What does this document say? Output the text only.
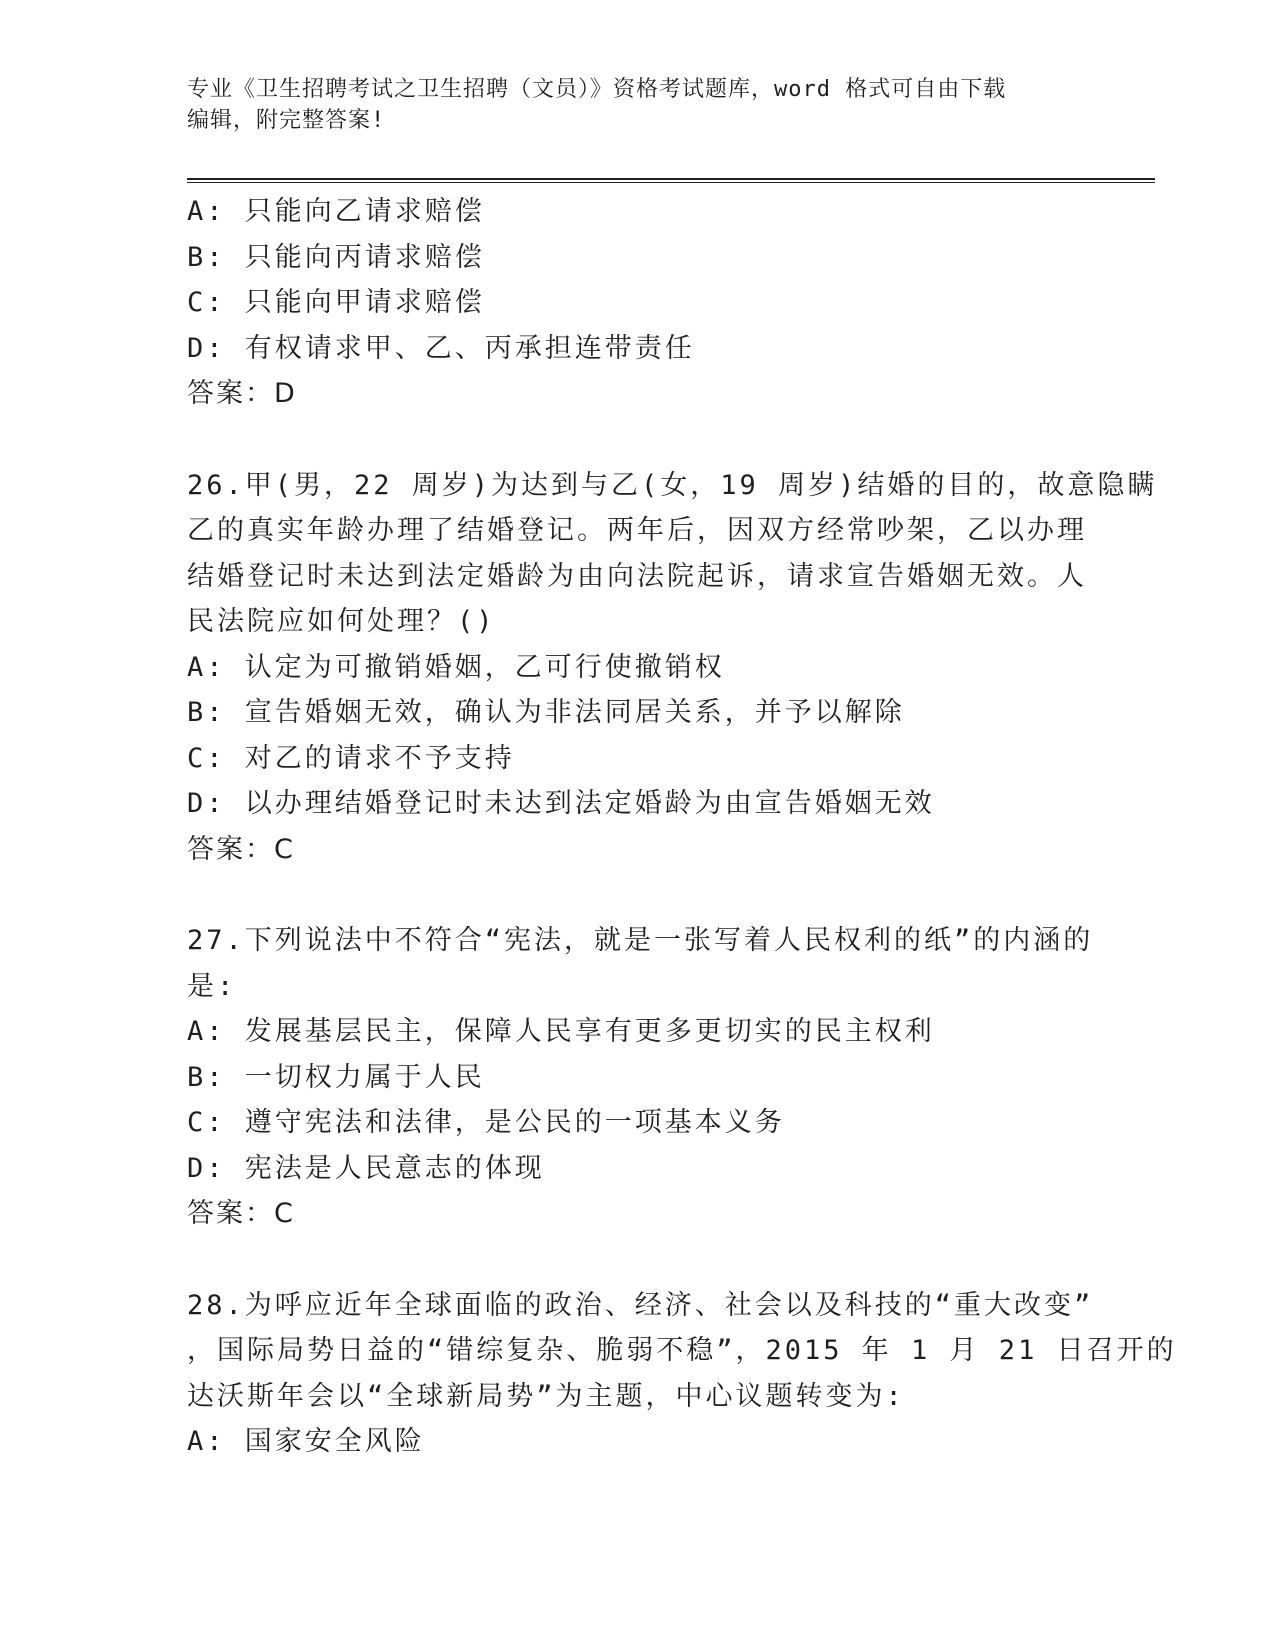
专业《卫生招聘考试之卫生招聘（文员）》资格考试题库，word 格式可自由下载
编辑，附完整答案!
A: 只能向乙请求赔偿
B: 只能向丙请求赔偿
C: 只能向甲请求赔偿
D: 有权请求甲、乙、丙承担连带责任
答案：D
26.甲(男，22 周岁)为达到与乙(女，19 周岁)结婚的目的，故意隐瞒
乙的真实年龄办理了结婚登记。两年后，因双方经常吵架，乙以办理
结婚登记时未达到法定婚龄为由向法院起诉，请求宣告婚姻无效。人
民法院应如何处理？()
A: 认定为可撤销婚姻，乙可行使撤销权
B: 宣告婚姻无效，确认为非法同居关系，并予以解除
C: 对乙的请求不予支持
D: 以办理结婚登记时未达到法定婚龄为由宣告婚姻无效
答案：C
27.下列说法中不符合“宪法，就是一张写着人民权利的纸”的内涵的
是:
A: 发展基层民主，保障人民享有更多更切实的民主权利
B: 一切权力属于人民
C: 遵守宪法和法律，是公民的一项基本义务
D: 宪法是人民意志的体现
答案：C
28.为呼应近年全球面临的政治、经济、社会以及科技的“重大改变”
，国际局势日益的“错综复杂、脆弱不稳”，2015 年 1 月 21 日召开的
达沃斯年会以“全球新局势”为主题，中心议题转变为:
A: 国家安全风险
